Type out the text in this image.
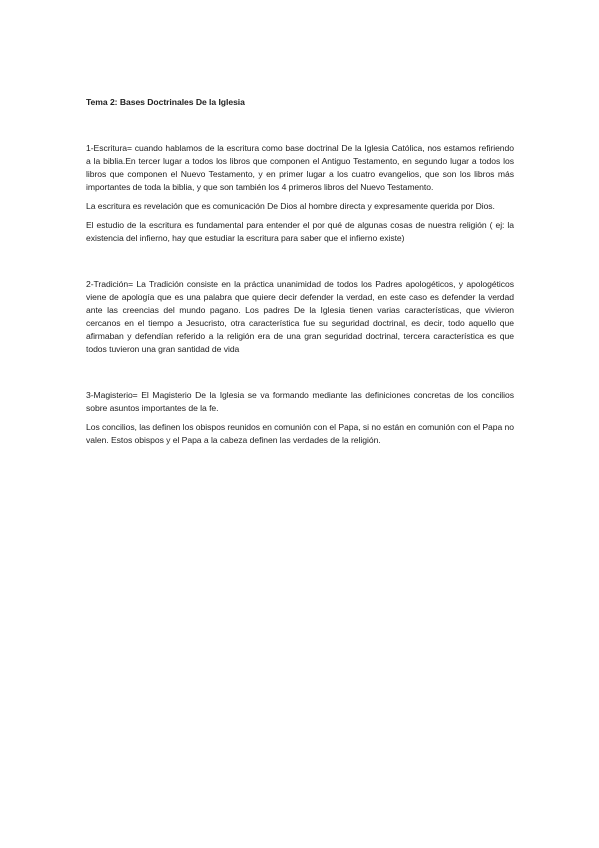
Tema 2: Bases Doctrinales De la Iglesia

1-Escritura= cuando hablamos de la escritura como base doctrinal De la Iglesia Católica, nos estamos refiriendo a la biblia.En tercer lugar a todos los libros que componen el Antiguo Testamento, en segundo lugar a todos los libros que componen el Nuevo Testamento, y en primer lugar a los cuatro evangelios, que son los libros más importantes de toda la biblia, y que son también los 4 primeros libros del Nuevo Testamento.

La escritura es revelación que es comunicación De Dios al hombre directa y expresamente querida por Dios.

El estudio de la escritura es fundamental para entender el por qué de algunas cosas de nuestra religión ( ej: la existencia del infierno, hay que estudiar la escritura para saber que el infierno existe)

2-Tradición= La Tradición consiste en la práctica unanimidad de todos los Padres apologéticos, y apologéticos viene de apología que es una palabra que quiere decir defender la verdad, en este caso es defender la verdad ante las creencias del mundo pagano. Los padres De la Iglesia tienen varias características, que vivieron cercanos en el tiempo a Jesucristo, otra característica fue su seguridad doctrinal, es decir, todo aquello que afirmaban y defendían referido a la religión era de una gran seguridad doctrinal, tercera característica es que todos tuvieron una gran santidad de vida

3-Magisterio= El Magisterio De la Iglesia se va formando mediante las definiciones concretas de los concilios sobre asuntos importantes de la fe.

Los concilios, las definen los obispos reunidos en comunión con el Papa, si no están en comunión con el Papa no valen. Estos obispos y el Papa a la cabeza definen las verdades de la religión.
